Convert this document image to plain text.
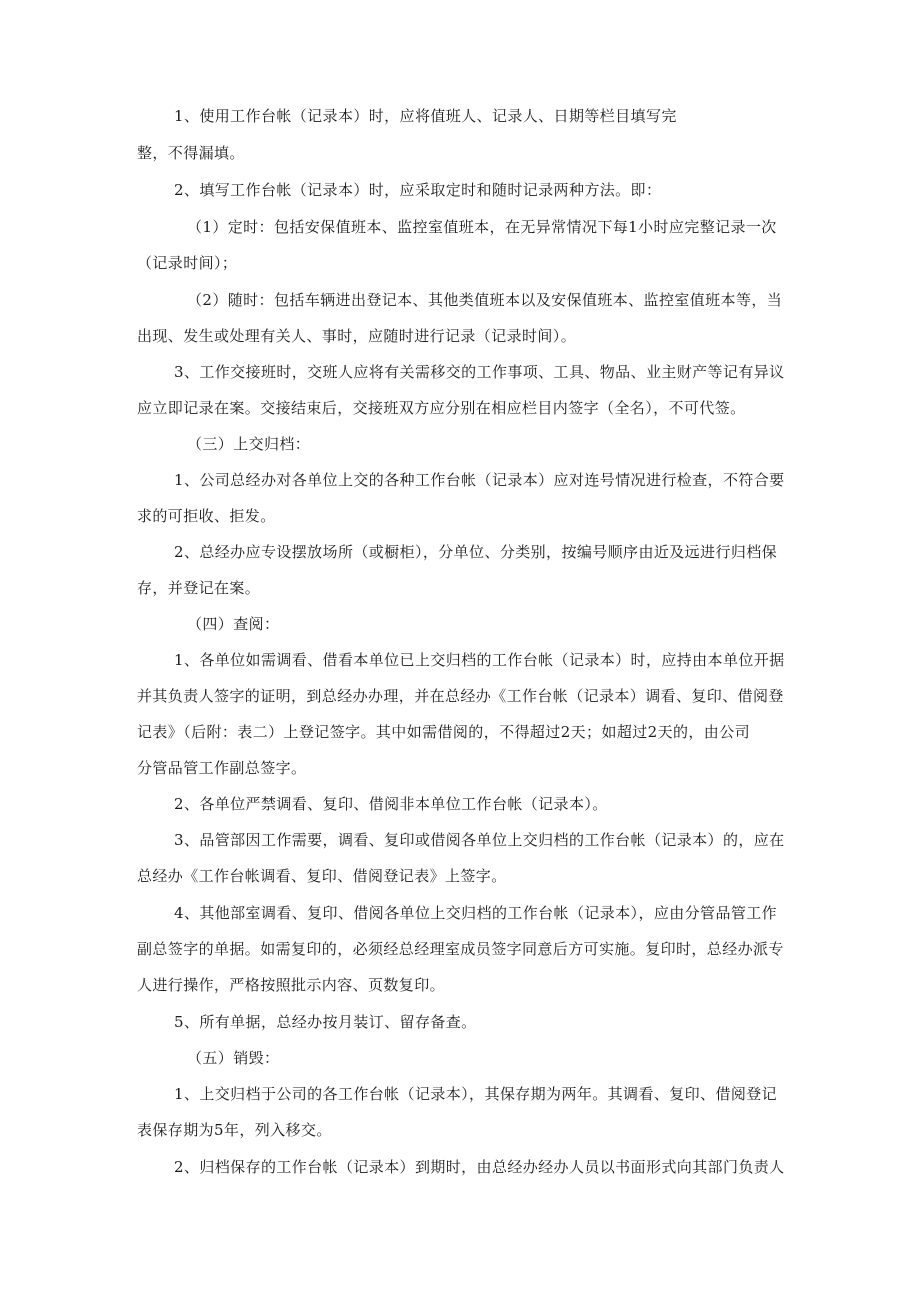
1、使用工作台帐（记录本）时，应将值班人、记录人、日期等栏目填写完

整，不得漏填。

2、填写工作台帐（记录本）时，应采取定时和随时记录两种方法。即：

（1）定时：包括安保值班本、监控室值班本，在无异常情况下每1小时应完整记录一次

（记录时间）；

（2）随时：包括车辆进出登记本、其他类值班本以及安保值班本、监控室值班本等，当

出现、发生或处理有关人、事时，应随时进行记录（记录时间）。

3、工作交接班时，交班人应将有关需移交的工作事项、工具、物品、业主财产等记有异议

应立即记录在案。交接结束后，交接班双方应分别在相应栏目内签字（全名），不可代签。

（三）上交归档：

1、公司总经办对各单位上交的各种工作台帐（记录本）应对连号情况进行检查，不符合要

求的可拒收、拒发。

2、总经办应专设摆放场所（或橱柜），分单位、分类别，按编号顺序由近及远进行归档保

存，并登记在案。

（四）查阅：

1、各单位如需调看、借看本单位已上交归档的工作台帐（记录本）时，应持由本单位开据

并其负责人签字的证明，到总经办办理，并在总经办《工作台帐（记录本）调看、复印、借阅登

记表》（后附：表二）上登记签字。其中如需借阅的，不得超过2天；如超过2天的，由公司

分管品管工作副总签字。

2、各单位严禁调看、复印、借阅非本单位工作台帐（记录本）。

3、品管部因工作需要，调看、复印或借阅各单位上交归档的工作台帐（记录本）的，应在

总经办《工作台帐调看、复印、借阅登记表》上签字。

4、其他部室调看、复印、借阅各单位上交归档的工作台帐（记录本），应由分管品管工作

副总签字的单据。如需复印的，必须经总经理室成员签字同意后方可实施。复印时，总经办派专

人进行操作，严格按照批示内容、页数复印。

5、所有单据，总经办按月装订、留存备查。

（五）销毁：

1、上交归档于公司的各工作台帐（记录本），其保存期为两年。其调看、复印、借阅登记

表保存期为5年，列入移交。

2、归档保存的工作台帐（记录本）到期时，由总经办经办人员以书面形式向其部门负责人
